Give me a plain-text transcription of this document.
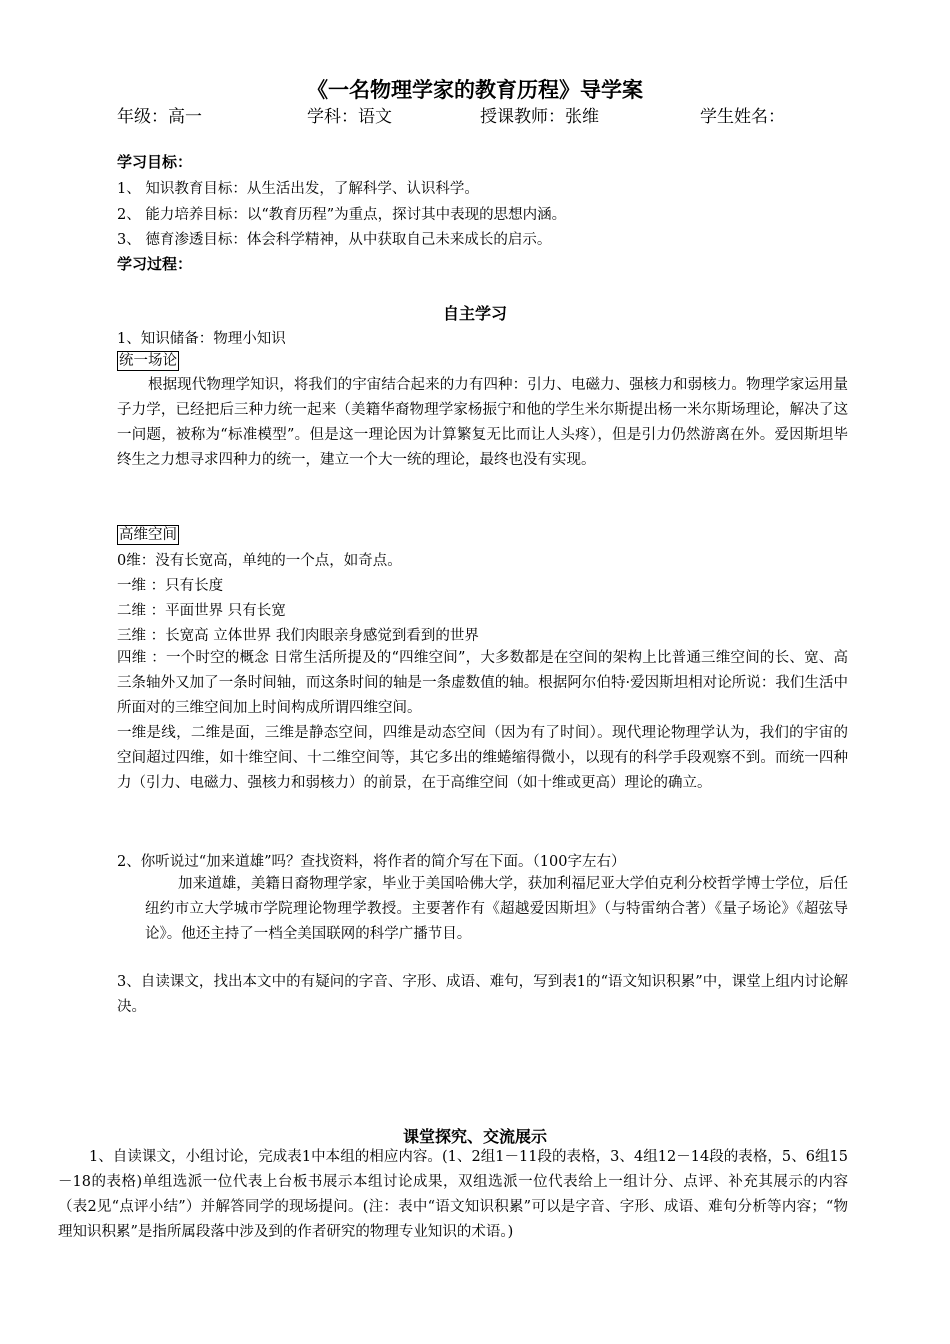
《一名物理学家的教育历程》导学案
年级：高一	学科：语文	授课教师：张维	学生姓名：
学习目标：
1、 知识教育目标：从生活出发，了解科学、认识科学。
2、 能力培养目标：以“教育历程”为重点，探讨其中表现的思想内涵。
3、 德育渗透目标：体会科学精神，从中获取自己未来成长的启示。
学习过程：
自主学习
1、知识储备：物理小知识
统一场论
根据现代物理学知识，将我们的宇宙结合起来的力有四种：引力、电磁力、强核力和弱核力。物理学家运用量子力学，已经把后三种力统一起来（美籍华裔物理学家杨振宁和他的学生米尔斯提出杨一米尔斯场理论，解决了这一问题，被称为“标准模型”。但是这一理论因为计算繁复无比而让人头疼），但是引力仍然游离在外。爱因斯坦毕终生之力想寻求四种力的统一，建立一个大一统的理论，最终也没有实现。
高维空间
0维：没有长宽高，单纯的一个点，如奇点。
一维 ：只有长度
二维 ：平面世界 只有长宽
三维 ：长宽高 立体世界 我们肉眼亲身感觉到看到的世界
四维 ：一个时空的概念 日常生活所提及的“四维空间”，大多数都是在空间的架构上比普通三维空间的长、宽、高三条轴外又加了一条时间轴，而这条时间的轴是一条虚数值的轴。根据阿尔伯特·爱因斯坦相对论所说：我们生活中所面对的三维空间加上时间构成所谓四维空间。
一维是线，二维是面，三维是静态空间，四维是动态空间（因为有了时间）。现代理论物理学认为，我们的宇宙的空间超过四维，如十维空间、十二维空间等，其它多出的维蜷缩得微小，以现有的科学手段观察不到。而统一四种力（引力、电磁力、强核力和弱核力）的前景，在于高维空间（如十维或更高）理论的确立。
2、你听说过“加来道雄”吗？查找资料，将作者的简介写在下面。（100字左右）
加来道雄，美籍日裔物理学家，毕业于美国哈佛大学，获加利福尼亚大学伯克利分校哲学博士学位，后任纽约市立大学城市学院理论物理学教授。主要著作有《超越爱因斯坦》（与特雷纳合著）《量子场论》《超弦导论》。他还主持了一档全美国联网的科学广播节目。
3、自读课文，找出本文中的有疑问的字音、字形、成语、难句，写到表1的“语文知识积累”中，课堂上组内讨论解决。
课堂探究、交流展示
1、自读课文，小组讨论，完成表1中本组的相应内容。(1、2组1－11段的表格，3、4组12－14段的表格，5、6组15－18的表格)单组选派一位代表上台板书展示本组讨论成果，双组选派一位代表给上一组计分、点评、补充其展示的内容（表2见“点评小结”）并解答同学的现场提问。(注：表中“语文知识积累”可以是字音、字形、成语、难句分析等内容；“物理知识积累”是指所属段落中涉及到的作者研究的物理专业知识的术语。)
